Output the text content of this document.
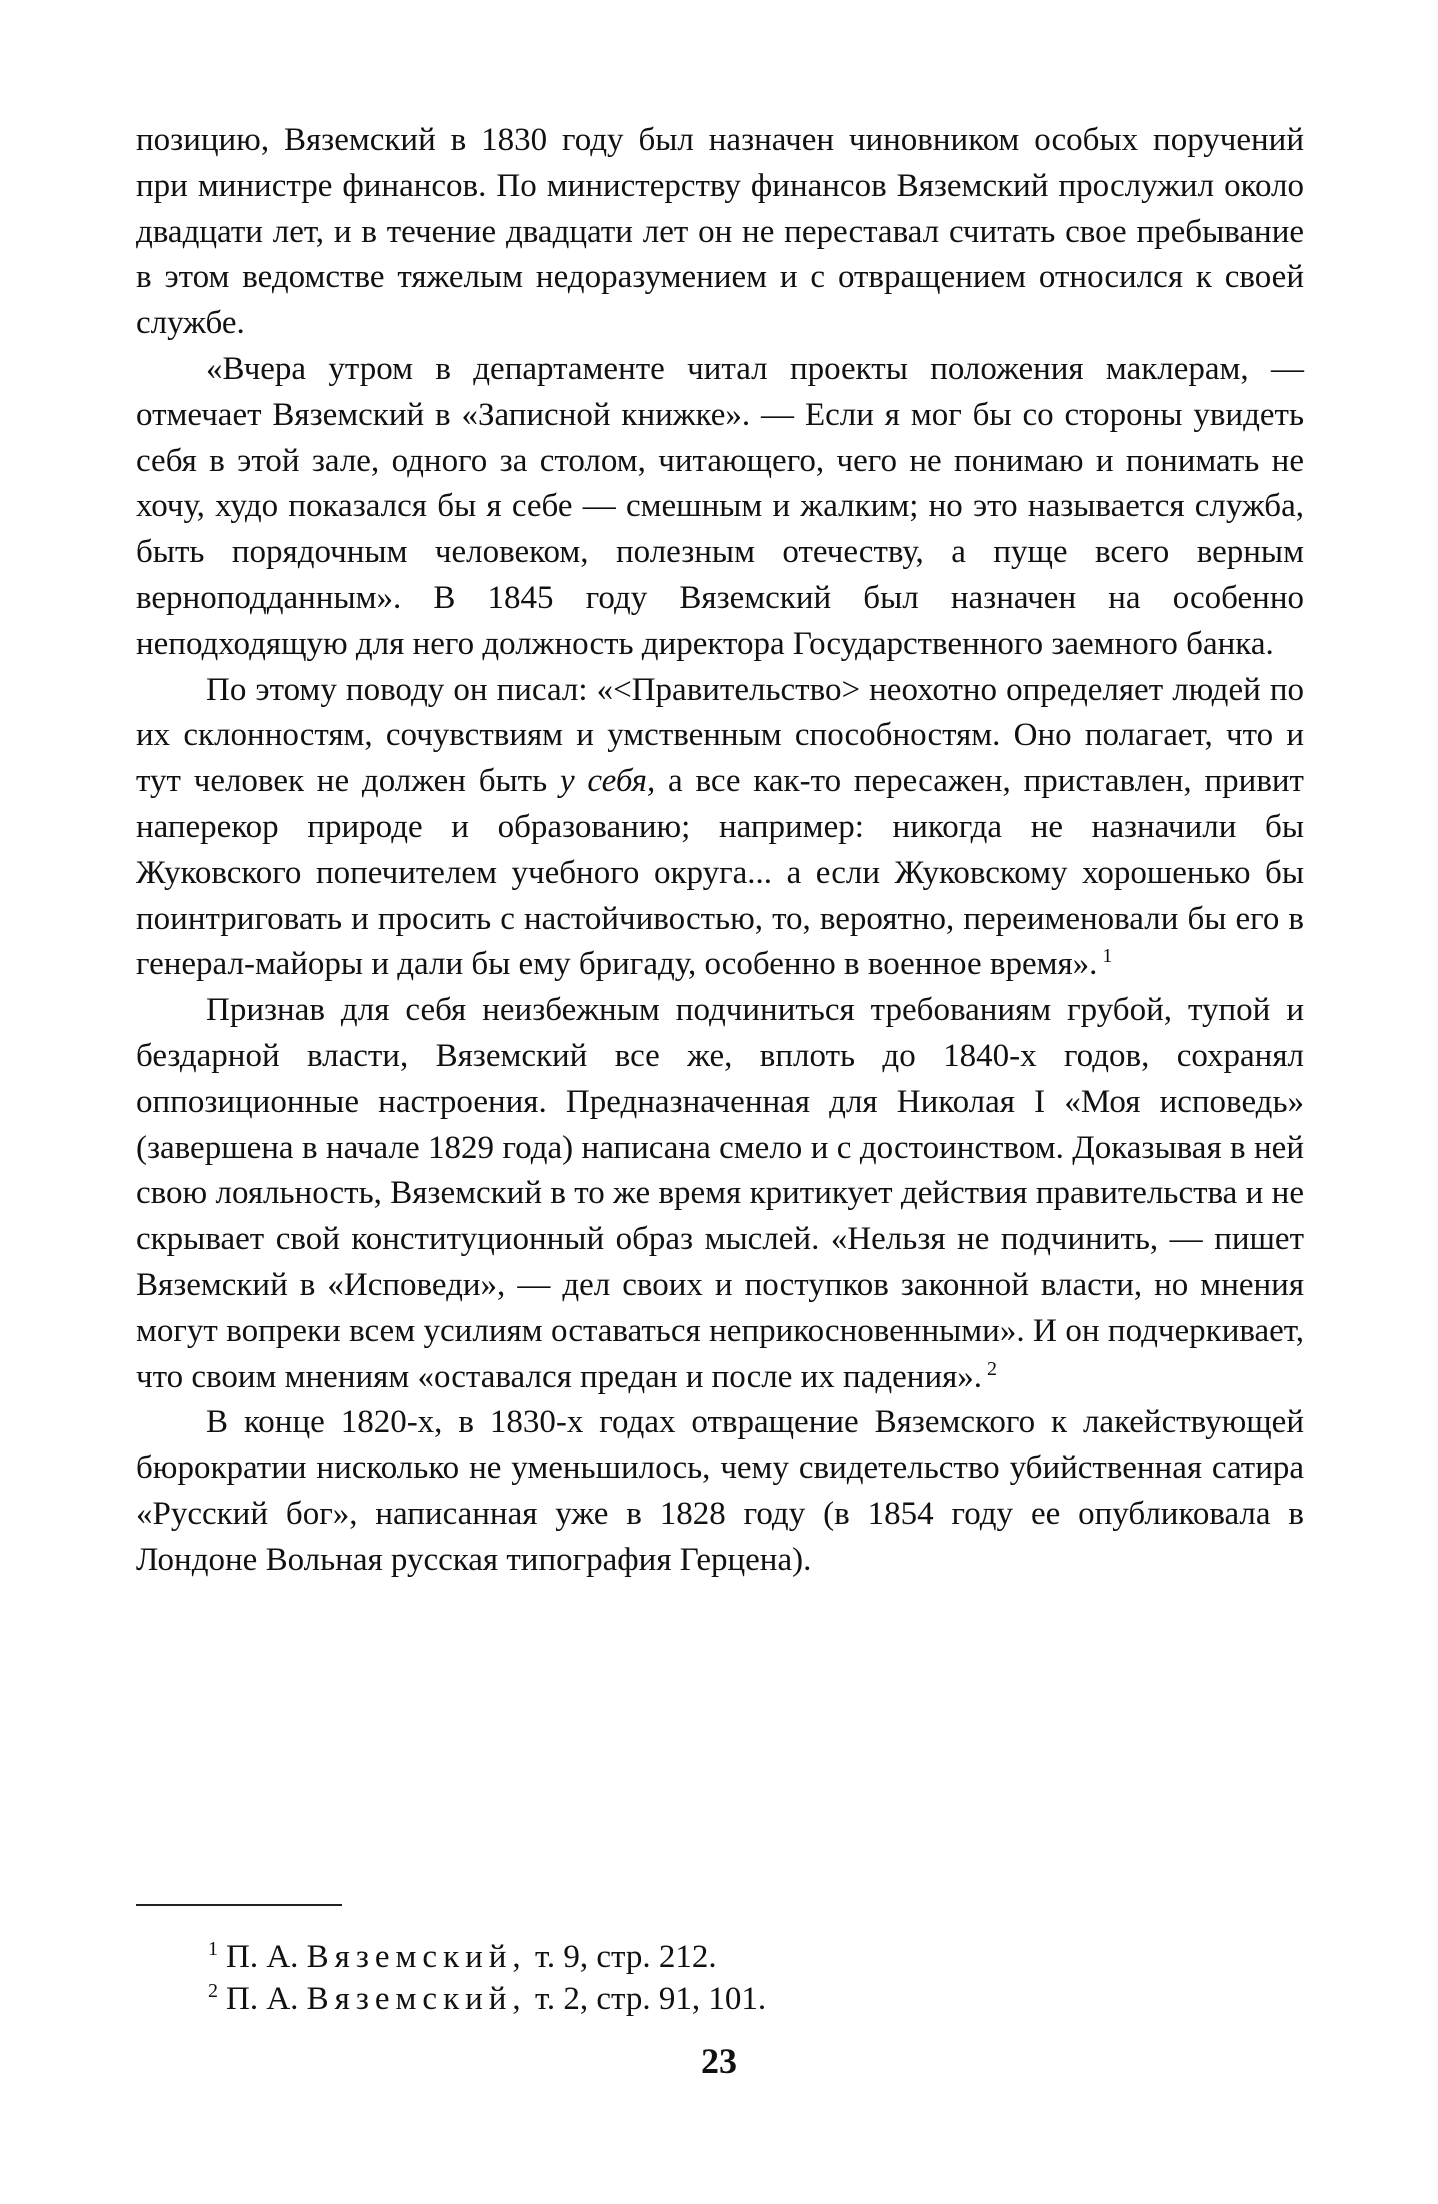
позицию, Вяземский в 1830 году был назначен чиновником особых поручений при министре финансов. По министерству финансов Вяземский прослужил около двадцати лет, и в течение двадцати лет он не переставал считать свое пребывание в этом ведомстве тяжелым недоразумением и с отвращением относился к своей службе.

«Вчера утром в департаменте читал проекты положения маклерам, — отмечает Вяземский в «Записной книжке». — Если я мог бы со стороны увидеть себя в этой зале, одного за столом, читающего, чего не понимаю и понимать не хочу, худо показался бы я себе — смешным и жалким; но это называется служба, быть порядочным человеком, полезным отечеству, а пуще всего верным верноподданным». В 1845 году Вяземский был назначен на особенно неподходящую для него должность директора Государственного заемного банка.

По этому поводу он писал: «<Правительство> неохотно определяет людей по их склонностям, сочувствиям и умственным способностям. Оно полагает, что и тут человек не должен быть у себя, а все как-то пересажен, приставлен, привит наперекор природе и образованию; например: никогда не назначили бы Жуковского попечителем учебного округа... а если Жуковскому хорошенько бы поинтриговать и просить с настойчивостью, то, вероятно, переименовали бы его в генерал-майоры и дали бы ему бригаду, особенно в военное время». $^1$

Признав для себя неизбежным подчиниться требованиям грубой, тупой и бездарной власти, Вяземский все же, вплоть до 1840-х годов, сохранял оппозиционные настроения. Предназначенная для Николая I «Моя исповедь» (завершена в начале 1829 года) написана смело и с достоинством. Доказывая в ней свою лояльность, Вяземский в то же время критикует действия правительства и не скрывает свой конституционный образ мыслей. «Нельзя не подчинить, — пишет Вяземский в «Исповеди», — дел своих и поступков законной власти, но мнения могут вопреки всем усилиям оставаться неприкосновенными». И он подчеркивает, что своим мнениям «оставался предан и после их падения». $^2$

В конце 1820-х, в 1830-х годах отвращение Вяземского к лакействующей бюрократии нисколько не уменьшилось, чему свидетельство убийственная сатира «Русский бог», написанная уже в 1828 году (в 1854 году ее опубликовала в Лондоне Вольная русская типография Герцена).

$^1$ П. А. Вяземский, т. 9, стр. 212.
$^2$ П. А. Вяземский, т. 2, стр. 91, 101.
23
